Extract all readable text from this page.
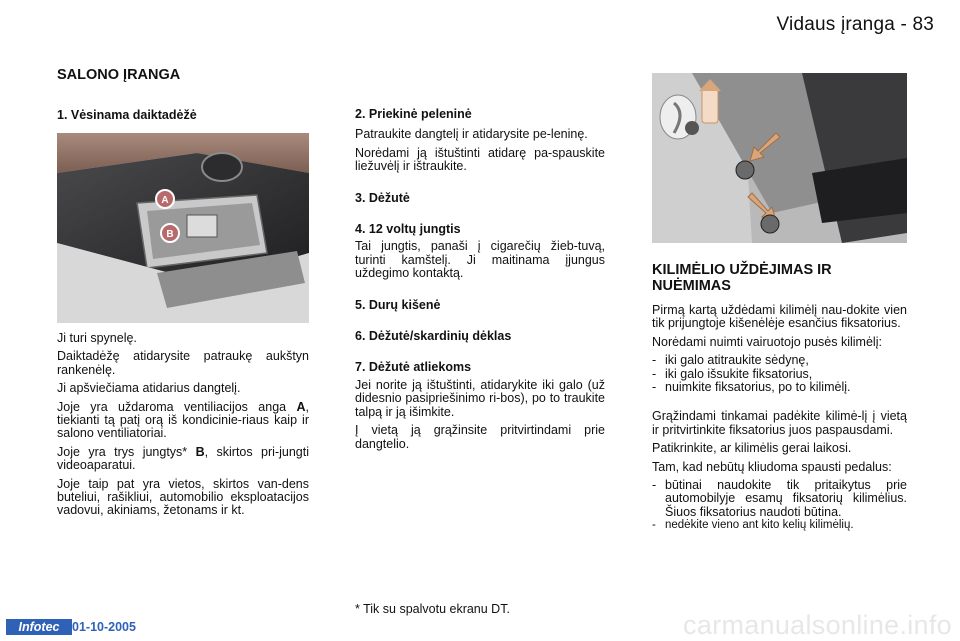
Vidaus įranga - 83
SALONO ĮRANGA
1. Vėsinama daiktadėžė
A
B

Ji turi spynelę.

Daiktadėžę atidarysite patraukę aukštyn rankenėlę.

Ji apšviečiama atidarius dangtelį.

Joje yra uždaroma ventiliacijos anga A, tiekianti tą patį orą iš kondicinie-riaus kaip ir salono ventiliatoriai.

Joje yra trys jungtys* B, skirtos pri-jungti videoaparatui.

Joje taip pat yra vietos, skirtos van-dens buteliui, rašikliui, automobilio eksploatacijos vadovui, akiniams, žetonams ir kt.

2. Priekinė peleninė

Patraukite dangtelį ir atidarysite pe-leninę.

Norėdami ją ištuštinti atidarę pa-spauskite liežuvėlį ir ištraukite.

3. Dėžutė

4. 12 voltų jungtis

Tai jungtis, panaši į cigarečių žieb-tuvą, turinti kamštelį. Ji maitinama įjungus uždegimo kontaktą.

5. Durų kišenė

6. Dėžutė/skardinių dėklas

7. Dėžutė atliekoms

Jei norite ją ištuštinti, atidarykite iki galo (už didesnio pasipriešinimo ri-bos), po to traukite talpą ir ją išimkite.

Į vietą ją grąžinsite pritvirtindami prie dangtelio.

* Tik su spalvotu ekranu DT.
KILIMĖLIO UŽDĖJIMAS IR NUĖMIMAS

Pirmą kartą uždėdami kilimėlį nau-dokite vien tik prijungtoje kišenėlėje esančius fiksatorius.

Norėdami nuimti vairuotojo pusės kilimėlį:

- iki galo atitraukite sėdynę,
- iki galo išsukite fiksatorius,
- nuimkite fiksatorius, po to kilimėlį.

Grąžindami tinkamai padėkite kilimė-lį į vietą ir pritvirtinkite fiksatorius juos paspausdami.

Patikrinkite, ar kilimėlis gerai laikosi.

Tam, kad nebūtų kliudoma spausti pedalus:

- būtinai naudokite tik pritaikytus prie automobilyje esamų fiksatorių kilimėlius. Šiuos fiksatorius naudoti būtina.
- nedėkite vieno ant kito kelių kilimėlių.
Infotec	01-10-2005	carmanualsonline.info
